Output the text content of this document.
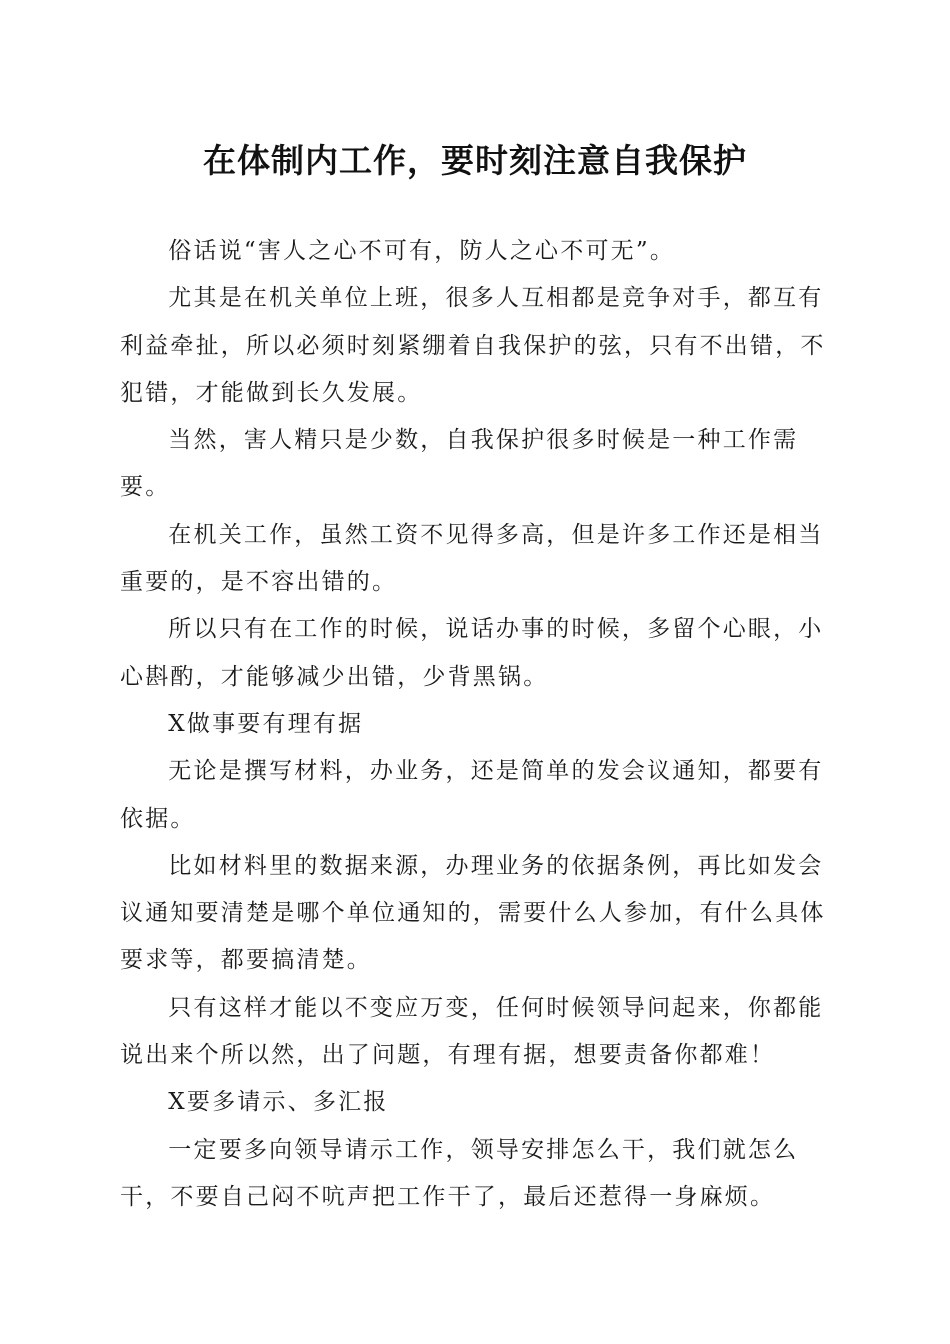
在体制内工作，要时刻注意自我保护

俗话说“害人之心不可有，防人之心不可无”。

尤其是在机关单位上班，很多人互相都是竞争对手，都互有利益牵扯，所以必须时刻紧绷着自我保护的弦，只有不出错，不犯错，才能做到长久发展。

当然，害人精只是少数，自我保护很多时候是一种工作需要。

在机关工作，虽然工资不见得多高，但是许多工作还是相当重要的，是不容出错的。

所以只有在工作的时候，说话办事的时候，多留个心眼，小心斟酌，才能够减少出错，少背黑锅。

X做事要有理有据

无论是撰写材料，办业务，还是简单的发会议通知，都要有依据。

比如材料里的数据来源，办理业务的依据条例，再比如发会议通知要清楚是哪个单位通知的，需要什么人参加，有什么具体要求等，都要搞清楚。

只有这样才能以不变应万变，任何时候领导问起来，你都能说出来个所以然，出了问题，有理有据，想要责备你都难！

X要多请示、多汇报

一定要多向领导请示工作，领导安排怎么干，我们就怎么干，不要自己闷不吭声把工作干了，最后还惹得一身麻烦。
